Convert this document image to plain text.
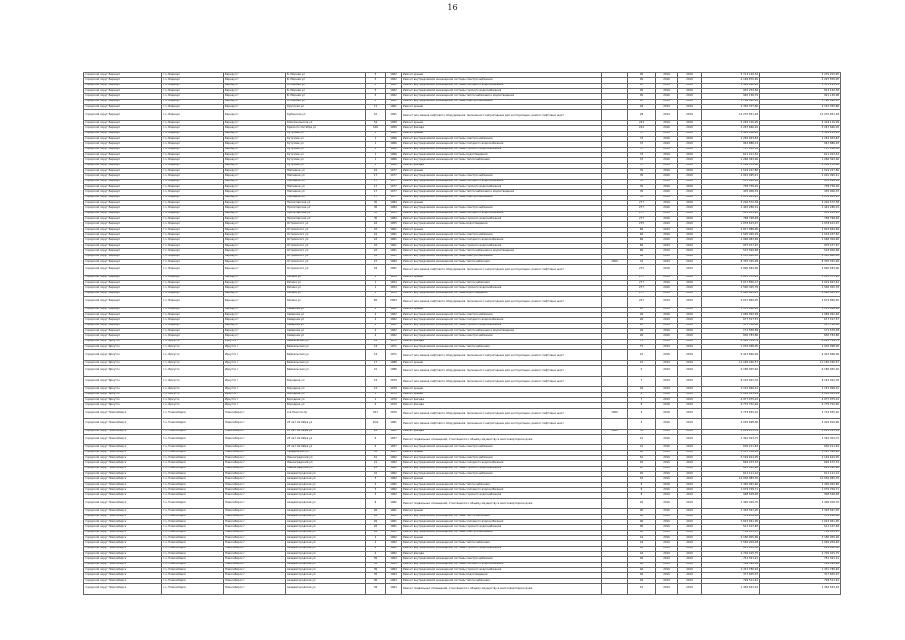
16
городской округ Барнаул	г.о. Барнаул	Барнаул г	Б. Мирная ул	5	1962	Ремонт крыши		95	2019	2019	5 713 120,32	5 276 203,95
городской округ Барнаул	г.о. Барнаул	Барнаул г	Б. Мирная ул	5	1962	Ремонт внутридомовой инженерной системы электроснабжения		95	2016	2019	2 169 870,95	2 297 876,05
городской округ Барнаул	г.о. Барнаул	Барнаул г	Б. Мирная ул	5	1962	Ремонт внутридомовой инженерной системы холодного водоснабжения		95	2019	2019	1 486 968,42	1 351 291,21
городской округ Барнаул	г.о. Барнаул	Барнаул г	Б. Мирная ул	5	1962	Ремонт внутридомовой инженерной системы горячего водоснабжения		95	2019	2019	932 254,56	813 142,38
городской округ Барнаул	г.о. Барнаул	Барнаул г	Б. Мирная ул	5	1962	Ремонт внутридомовой инженерной системы теплоснабжения и водоотведения		95	2016	2019	920 136,79	921 136,98
городской округ Барнаул	г.о. Барнаул	Барнаул г	Б. Мирная ул	5	1962	Ремонт внутридомовой инженерной системы электроснабжения		95	2019	2019	1 760 992,03	1 760 992,03
городской округ Барнаул	г.о. Барнаул	Барнаул г	Крупская ул	11	1961	Ремонт крыши		26	2019	2019	4 356 707,60	4 161 355,86
городской округ Барнаул	г.о. Барнаул	Барнаул г	Кубанская ул	10	1991	Ремонт или замена лифтового оборудования, признанного непригодным для эксплуатации, ремонт лифтовых шахт		28	2019	2019	12 270 851,28	12 270 851,28
городской округ Барнаул	г.о. Барнаул	Барнаул г	Комсомольская ул	54	1958	Ремонт крыши		224	2019	2019	5 294 126,05	5 418 115,09
городской округ Барнаул	г.о. Барнаул	Барнаул г	Красного Октября ул	106	1959	Ремонт фасада		224	2016	2019	3 267 666,02	3 267 666,02
городской округ Барнаул	г.о. Барнаул	Барнаул г	Кутузова ул	1	1966	Ремонт крыши		37	2019	2019	1 462 286,45	1 362 211,61
городской округ Барнаул	г.о. Барнаул	Барнаул г	Кутузова ул	1	1966	Ремонт внутридомовой инженерной системы электроснабжения		37	2016	2019	1 250 923,63	1 252 023,63
городской округ Барнаул	г.о. Барнаул	Барнаул г	Кутузова ул	1	1966	Ремонт внутридомовой инженерной системы холодного водоснабжения		37	2019	2019	942 886,13	967 886,03
городской округ Барнаул	г.о. Барнаул	Барнаул г	Кутузова ул	1	1966	Ремонт внутридомовой инженерной системы горячего водоснабжения		37	2019	2019	787 160,54	767 160,54
городской округ Барнаул	г.о. Барнаул	Барнаул г	Кутузова ул	1	1966	Ремонт внутридомовой инженерной системы водоотведения		37	2019	2019	611 211,52	611 203,52
городской округ Барнаул	г.о. Барнаул	Барнаул г	Кутузова ул	1	1966	Ремонт внутридомовой инженерной системы теплоснабжения		37	2016	2019	1 266 363,06	1 266 363,06
городской округ Барнаул	г.о. Барнаул	Барнаул г	Кутузова ул	1	1966	Ремонт фасада		37	2016	2019	2 168 134,86	2 168 134,86
городской округ Барнаул	г.о. Барнаул	Барнаул г	Папанина ул	16	1977	Ремонт крыши		35	2016	2019	1 519 227,80	1 519 227,80
городской округ Барнаул	г.о. Барнаул	Барнаул г	Папанина ул	17	1977	Ремонт внутридомовой инженерной системы электроснабжения		35	2016	2019	1 001 095,41	1 001 095,41
городской округ Барнаул	г.о. Барнаул	Барнаул г	Папанина ул	17	1977	Ремонт внутридомовой инженерной системы холодного водоснабжения		35	2019	2019	978 896,09	978 896,09
городской округ Барнаул	г.о. Барнаул	Барнаул г	Папанина ул	17	1977	Ремонт внутридомовой инженерной системы горячего водоснабжения		35	2016	2019	738 758,26	738 758,26
городской округ Барнаул	г.о. Барнаул	Барнаул г	Папанина ул	17	1977	Ремонт внутридомовой инженерной системы теплоснабжения и водоотведения		35	2016	2019	435 006,33	435 006,33
городской округ Барнаул	г.о. Барнаул	Барнаул г	Папанина ул	17	1977	Ремонт внутридомовой инженерной системы электроснабжения		35	2016	2019	1 076 003,05	1 076 003,05
городской округ Барнаул	г.о. Барнаул	Барнаул г	Пролетарская ул	30	1984	Ремонт крыши		277	2019	2019	3 226 572,38	3 226 572,38
городской округ Барнаул	г.о. Барнаул	Барнаул г	Пролетарская ул	30	1984	Ремонт внутридомовой инженерной системы электроснабжения		277	2016	2019	1 445 286,01	1 445 286,01
городской округ Барнаул	г.о. Барнаул	Барнаул г	Пролетарская ул	30	1984	Ремонт внутридомовой инженерной системы холодного водоснабжения		277	2019	2019	952 201,22	952 201,22
городской округ Барнаул	г.о. Барнаул	Барнаул г	Пролетарская ул	30	1984	Ремонт внутридомовой инженерной системы горячего водоснабжения		277	2016	2019	768 768,48	768 768,48
городской округ Барнаул	г.о. Барнаул	Барнаул г	Островского ул	16	1955	Ремонт внутридомовой инженерной системы водоотведения		275	2019	2019	1 078 613,07	1 078 613,07
городской округ Барнаул	г.о. Барнаул	Барнаул г	Островского ул	16	1961	Ремонт крыши		66	2019	2019	2 817 986,96	2 823 664,89
городской округ Барнаул	г.о. Барнаул	Барнаул г	Островского ул	16	1961	Ремонт внутридомовой инженерной системы электроснабжения		66	2016	2019	1 505 940,29	1 503 037,50
городской округ Барнаул	г.о. Барнаул	Барнаул г	Островского ул	16	1961	Ремонт внутридомовой инженерной системы холодного водоснабжения		66	2016	2019	1 066 983,69	1 068 309,90
городской округ Барнаул	г.о. Барнаул	Барнаул г	Островского ул	16	1961	Ремонт внутридомовой инженерной системы горячего водоснабжения		66	2019	2019	975 477,97	975 477,97
городской округ Барнаул	г.о. Барнаул	Барнаул г	Островского ул	16	1961	Ремонт внутридомовой инженерной системы теплоснабжения и водоотведения		66	2019	2019	515 599,68	518 000,68
городской округ Барнаул	г.о. Барнаул	Барнаул г	Островского ул	16	1961	Ремонт внутридомовой инженерной системы электроснабжения		66	2019	2019	1 155 002,05	1 195 602,05
городской округ Барнаул	г.о. Барнаул	Барнаул г	Островского ул	27	1969	Ремонт внутридомовой инженерной системы теплоснабжения	1500	31	2019	2019	8 335 325,28	8 335 325,28
городской округ Барнаул	г.о. Барнаул	Барнаул г	Островского ул	29	1991	Ремонт или замена лифтового оборудования, признанного непригодным для эксплуатации, ремонт лифтовых шахт		275	2016	2019	4 890 583,06	4 890 583,06
городской округ Барнаул	г.о. Барнаул	Барнаул г	Репина ул	1	1954	Ремонт крыши		277	2016	2019	3 833 375,93	3 833 375,93
городской округ Барнаул	г.о. Барнаул	Барнаул г	Репина ул	1	1954	Ремонт внутридомовой инженерной системы теплоснабжения		277	2016	2019	3 017 856,17	3 019 603,42
городской округ Барнаул	г.о. Барнаул	Барнаул г	Репина ул	1	1954	Ремонт внутридомовой инженерной системы горячего водоснабжения		277	2016	2019	1 500 305,78	1 500 305,78
городской округ Барнаул	г.о. Барнаул	Барнаул г	Репина ул	1	1954	Ремонт внутридомовой инженерной системы водоотведения		277	2016	2019	2 960 861,25	2 960 861,25
городской округ Барнаул	г.о. Барнаул	Барнаул г	Репина ул	65	2004	Ремонт или замена лифтового оборудования, признанного непригодным для эксплуатации, ремонт лифтовых шахт		227	2019	2019	4 675 869,95	4 675 869,95
городской округ Барнаул	г.о. Барнаул	Барнаул г	Северная ул	2	1962	Ремонт крыши		26	2016	2019	1 153 866,98	1 153 866,98
городской округ Барнаул	г.о. Барнаул	Барнаул г	Северная ул	2	1962	Ремонт внутридомовой инженерной системы электроснабжения		26	2016	2019	1 089 092,48	1 089 092,48
городской округ Барнаул	г.о. Барнаул	Барнаул г	Северная ул	2	1962	Ремонт внутридомовой инженерной системы холодного водоснабжения		26	2019	2019	677 517,57	677 517,57
городской округ Барнаул	г.о. Барнаул	Барнаул г	Северная ул	2	1962	Ремонт внутридомовой инженерной системы горячего водоснабжения		26	2016	2019	437 768,08	437 768,08
городской округ Барнаул	г.о. Барнаул	Барнаул г	Северная ул	2	1962	Ремонт внутридомовой инженерной системы теплоснабжения и водоотведения		26	2016	2019	171 558,58	171 578,38
городской округ Барнаул	г.о. Барнаул	Барнаул г	Северная ул	2	1962	Ремонт внутридомовой инженерной системы электроснабжения		26	2016	2019	830 783,86	830 783,86
городской округ Иркутск	г.о. Иркутск	Иркутск г	Байкальская ул	14	1971	Ремонт фасада		75	2016	2019	6 462 769,74	6 461 769,74
городской округ Иркутск	г.о. Иркутск	Иркутск г	Байкальская ул	14	1971	Ремонт внутридомовой инженерной системы теплоснабжения		75	2019	2019	1 076 098,05	1 076 098,05
городской округ Иркутск	г.о. Иркутск	Иркутск г	Байкальская ул	14	1971	Ремонт или замена лифтового оборудования, признанного непригодным для эксплуатации, ремонт лифтовых шахт		10	2016	2019	6 423 866,09	6 423 866,09
городской округ Иркутск	г.о. Иркутск	Иркутск г	Байкальская ул	17	1988	Ремонт крыши		10	2019	2019	11 165 220,57	11 165 220,57
городской округ Иркутск	г.о. Иркутск	Иркутск г	Байкальская ул	21	1986	Ремонт или замена лифтового оборудования, признанного непригодным для эксплуатации, ремонт лифтовых шахт		5	2019	2019	6 180 925,92	6 180 925,92
городской округ Иркутск	г.о. Иркутск	Иркутск г	Бородина ул	14	1979	Ремонт или замена лифтового оборудования, признанного непригодным для эксплуатации, ремонт лифтовых шахт		7	2019	2019	8 145 922,78	8 145 922,78
городской округ Иркутск	г.о. Иркутск	Иркутск г	Бородина ул	12	1979	Ремонт крыши		26	2019	2019	1 151 099,31	1 151 099,31
городской округ Иркутск	г.о. Иркутск	Иркутск г	Бородина ул	1	1970	Ремонт крыши		6	2016	2019	2 016 925,29	2 016 925,29
городской округ Иркутск	г.о. Иркутск	Иркутск г	Бородина ул	1	1970	Ремонт фасада		7	2019	2019	4 977 975,01	4 977 975,01
городской округ Иркутск	г.о. Иркутск	Иркутск г	Бородина ул	2	1970	Ремонт фасада		8	2016	2019	6 779 702,46	6 779 702,46
городской округ Новосибирск	г.о. Новосибирск	Новосибирск г	2-й Юности пр	201	1976	Ремонт или замена лифтового оборудования, признанного непригодным для эксплуатации, ремонт лифтовых шахт	1000	4	2016	2019	3 733 835,20	3 733 835,20
городской округ Новосибирск	г.о. Новосибирск	Новосибирск г	25 лет Октября ул	10/2	1981	Ремонт или замена лифтового оборудования, признанного непригодным для эксплуатации, ремонт лифтовых шахт		4	2016	2019	4 035 698,66	4 202 819,96
городской округ Новосибирск	г.о. Новосибирск	Новосибирск г	25 лет Октября ул	28	1961	Ремонт фасада	2000	54	2016	2019	2 249 105,39	2 249 105,39
городской округ Новосибирск	г.о. Новосибирск	Новосибирск г	25 лет Октября ул	6	1957	Ремонт подвальных помещений, относящихся к общему имуществу в многоквартирном доме		21	2016	2019	1 361 303,75	1 361 303,75
городской округ Новосибирск	г.о. Новосибирск	Новосибирск г	25 лет Октября ул	6	1957	Ремонт внутридомовой инженерной системы электроснабжения		21	2016	2019	636 211,63	636 211,63
городской округ Новосибирск	г.о. Новосибирск	Новосибирск г	Гвардейская ул	10	1963	Ремонт крыши		60	2016	2019	1 197 316,92	1 197 316,92
городской округ Новосибирск	г.о. Новосибирск	Новосибирск г	Ленинградский ул	10	1962	Ремонт внутридомовой инженерной системы электроснабжения		52	2019	2019	2 149 624,05	2 149 624,05
городской округ Новосибирск	г.о. Новосибирск	Новосибирск г	Ленинградский ул	21	1962	Ремонт внутридомовой инженерной системы холодного водоснабжения		45	2016	2019	826 473,33	826 473,33
городской округ Новосибирск	г.о. Новосибирск	Новосибирск г	Ленинградский ул	22	1962	Ремонт внутридомовой инженерной системы горячего водоснабжения		45	2019	2019	603 090,96	603 090,96
городской округ Новосибирск	г.о. Новосибирск	Новосибирск г	Академгородская ул	22	1962	Ремонт внутридомовой инженерной системы электроснабжения		45	2019	2019	611 111,12	611 111,12
городской округ Новосибирск	г.о. Новосибирск	Новосибирск г	Академгородская ул	3	1962	Ремонт крыши		52	2016	2019	12 030 983,76	12 030 983,76
городской округ Новосибирск	г.о. Новосибирск	Новосибирск г	Академгородская ул	3	1962	Ремонт внутридомовой инженерной системы теплоснабжения		8	2016	2019	1 456 063,66	1 456 063,66
городской округ Новосибирск	г.о. Новосибирск	Новосибирск г	Академгородская ул	3	1962	Ремонт внутридомовой инженерной системы холодного водоснабжения		8	2016	2019	1 079 709,71	1 079 709,71
городской округ Новосибирск	г.о. Новосибирск	Новосибирск г	Академгородская ул	3	1962	Ремонт внутридомовой инженерной системы горячего водоснабжения		8	2019	2019	998 528,48	998 528,48
городской округ Новосибирск	г.о. Новосибирск	Новосибирск г	Академгородская ул	8	1962	Ремонт подвальных помещений, относящихся к общему имуществу в многоквартирном доме		45	2016	2019	1 490 209,76	1 490 209,76
городской округ Новосибирск	г.о. Новосибирск	Новосибирск г	Академгородская ул	26	1961	Ремонт крыши		90	2016	2019	1 393 567,05	1 393 567,05
городской округ Новосибирск	г.о. Новосибирск	Новосибирск г	Академгородская ул	26	1961	Ремонт внутридомовой инженерной системы теплоснабжения		90	2016	2019	579 936,06	579 936,06
городской округ Новосибирск	г.о. Новосибирск	Новосибирск г	Академгородская ул	26	1961	Ремонт внутридомовой инженерной системы холодного водоснабжения		90	2016	2019	1 023 061,95	1 023 061,95
городской округ Новосибирск	г.о. Новосибирск	Новосибирск г	Академгородская ул	26	1961	Ремонт внутридомовой инженерной системы горячего водоснабжения		90	2016	2019	511 107,48	511 107,48
городской округ Новосибирск	г.о. Новосибирск	Новосибирск г	Академгородская ул	26	1961	Ремонт внутридомовой инженерной системы электроснабжения		90	2019	2019	756 935,07	756 935,07
городской округ Новосибирск	г.о. Новосибирск	Новосибирск г	Академгородская ул	4	1962	Ремонт крыши		44	2016	2019	3 180 005,06	3 180 005,06
городской округ Новосибирск	г.о. Новосибирск	Новосибирск г	Академгородская ул	4	1962	Ремонт внутридомовой инженерной системы теплоснабжения		44	2019	2019	1 546 209,48	1 546 209,48
городской округ Новосибирск	г.о. Новосибирск	Новосибирск г	Академгородская ул	4	1962	Ремонт внутридомовой инженерной системы горячего водоснабжения		44	2019	2019	811 050,36	811 050,36
городской округ Новосибирск	г.о. Новосибирск	Новосибирск г	Академгородская ул	4	1962	Ремонт фасада		44	2019	2019	2 726 015,75	2 726 015,75
городской округ Новосибирск	г.о. Новосибирск	Новосибирск г	Академгородская ул	36	1964	Ремонт внутридомовой инженерной системы электроснабжения		46	2019	2019	751 321,21	751 321,21
городской округ Новосибирск	г.о. Новосибирск	Новосибирск г	Академгородская ул	36	1964	Ремонт внутридомовой инженерной системы холодного водоснабжения		46	2019	2019	389 590,09	389 590,09
городской округ Новосибирск	г.о. Новосибирск	Новосибирск г	Академгородская ул	36	1964	Ремонт внутридомовой инженерной системы горячего водоснабжения		46	2019	2019	1 431 780,92	1 431 780,92
городской округ Новосибирск	г.о. Новосибирск	Новосибирск г	Академгородская ул	36	1964	Ремонт внутридомовой инженерной системы водоотведения		46	2016	2019	377 605,07	377 605,07
городской округ Новосибирск	г.о. Новосибирск	Новосибирск г	Академгородская ул	36	1964	Ремонт внутридомовой инженерной системы теплоснабжения		46	2019	2019	799 511,61	799 511,61
городской округ Новосибирск	г.о. Новосибирск	Новосибирск г	Академгородская ул	38	1964	Ремонт подвальных помещений, относящихся к общему имуществу в многоквартирном доме		52	2019	2019	1 456 633,03	1 456 633,03
